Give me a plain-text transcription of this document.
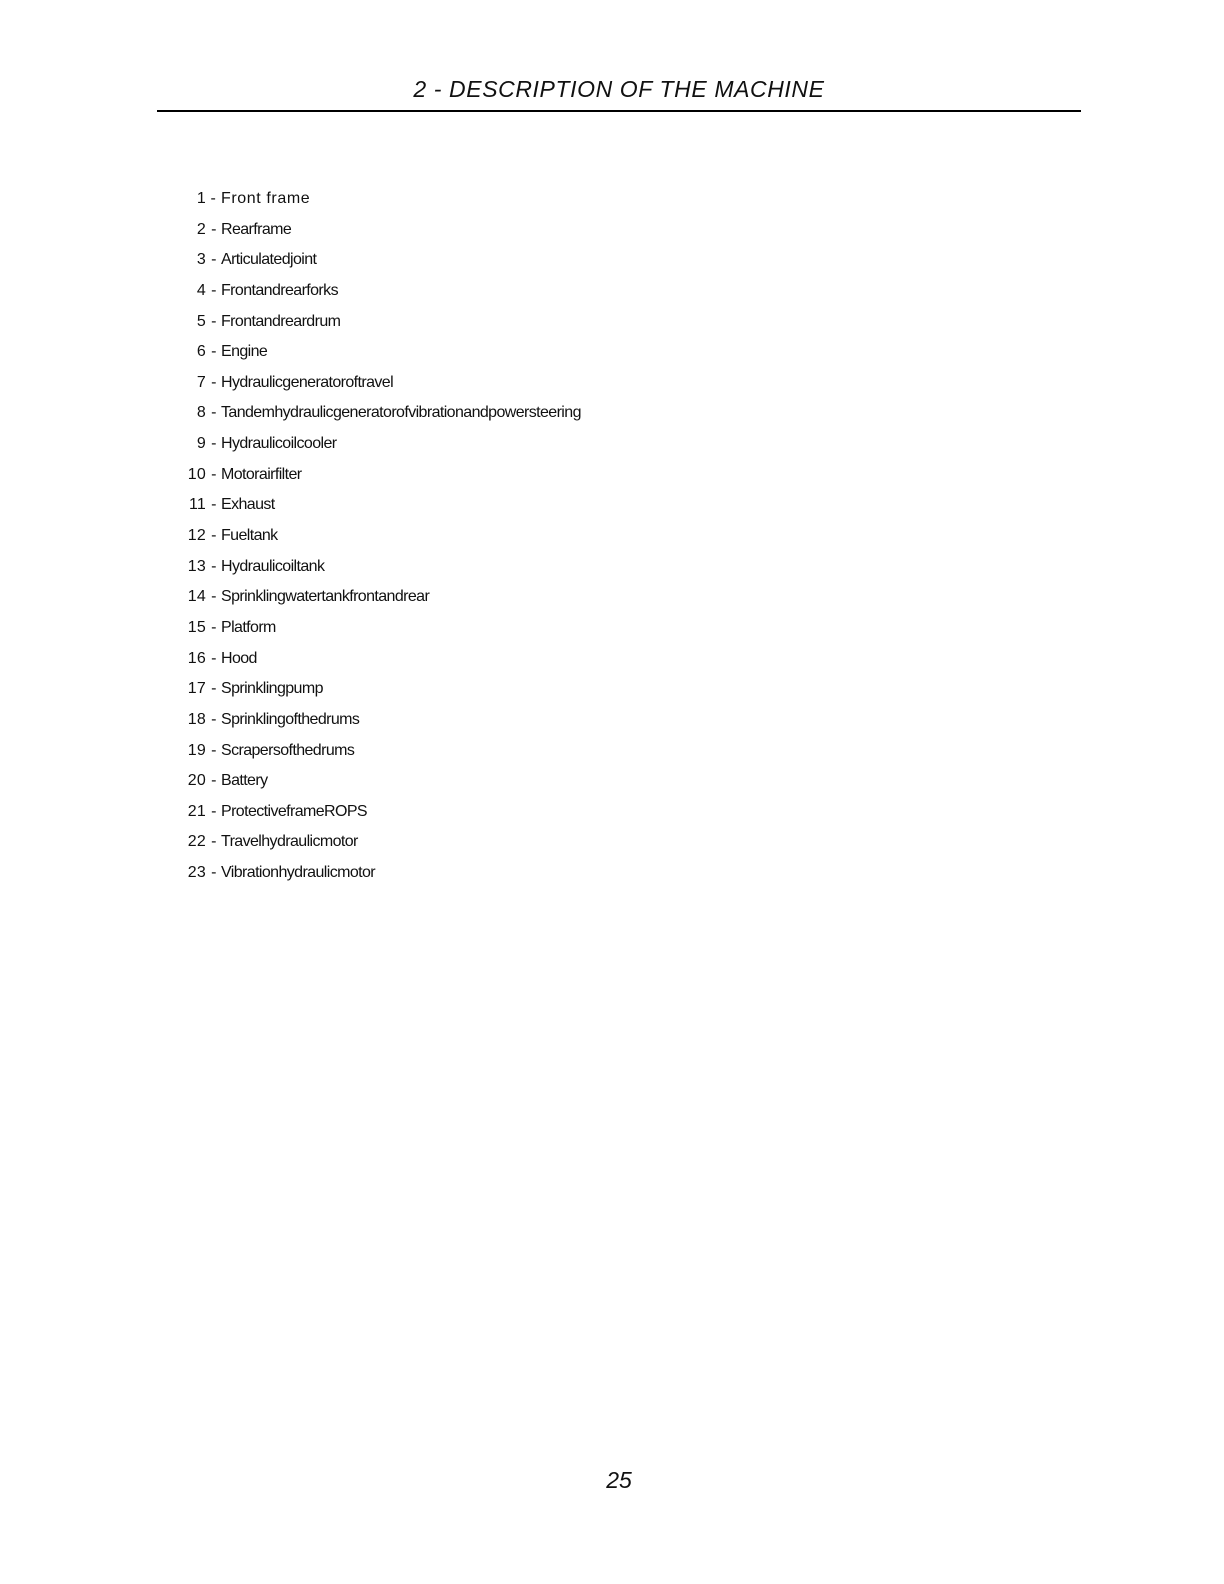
2 - DESCRIPTION OF THE MACHINE
1 - Front frame
2 - Rearframe
3 - Articulatedjoint
4 - Frontandrearforks
5 - Frontandreardrum
6 - Engine
7 - Hydraulicgeneratoroftravel
8 - Tandemhydraulicgeneratorofvibrationandpowersteering
9 - Hydraulicoilcooler
10 - Motorairfilter
11 - Exhaust
12 - Fueltank
13 - Hydraulicoiltank
14 - Sprinklingwatertankfrontandrear
15 - Platform
16 - Hood
17 - Sprinklingpump
18 - Sprinklingofthedrums
19 - Scrapersofthedrums
20 - Battery
21 - ProtectiveframeROPS
22 - Travelhydraulicmotor
23 - Vibrationhydraulicmotor
25
